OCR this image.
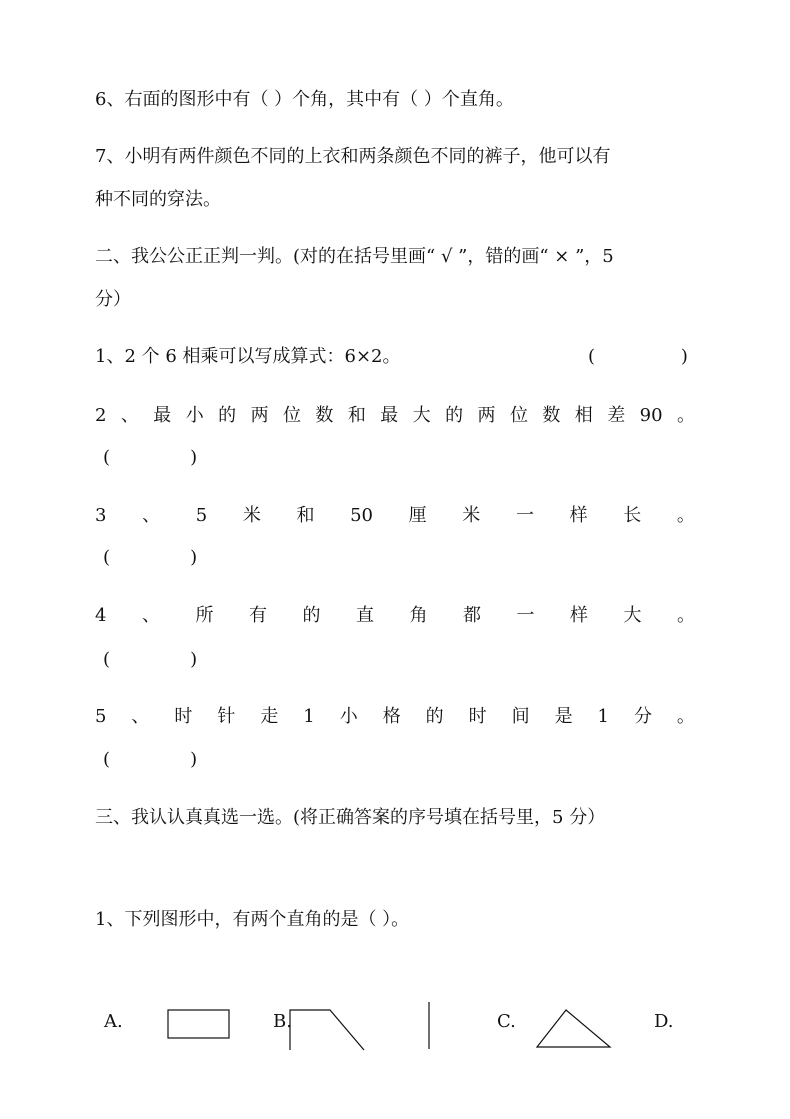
6、右面的图形中有（ ）个角，其中有（ ）个直角。
7、小明有两件颜色不同的上衣和两条颜色不同的裤子，他可以有
种不同的穿法。
二、我公公正正判一判。(对的在括号里画“ √ ”，错的画“ × ”，5
分）
1、2 个 6 相乘可以写成算式：6×2。	(               )
2 、 最 小 的 两 位 数 和 最 大 的 两 位 数 相 差 90 。
(              )
3 、 5 米 和 50 厘 米 一 样 长 。
(              )
4 、 所 有 的 直 角 都 一 样 大 。
(              )
5 、 时 针 走 1 小 格 的 时 间 是 1 分 。
(              )
三、我认认真真选一选。(将正确答案的序号填在括号里，5 分）
1、下列图形中，有两个直角的是（ ）。
A.	B.	C.	D.
